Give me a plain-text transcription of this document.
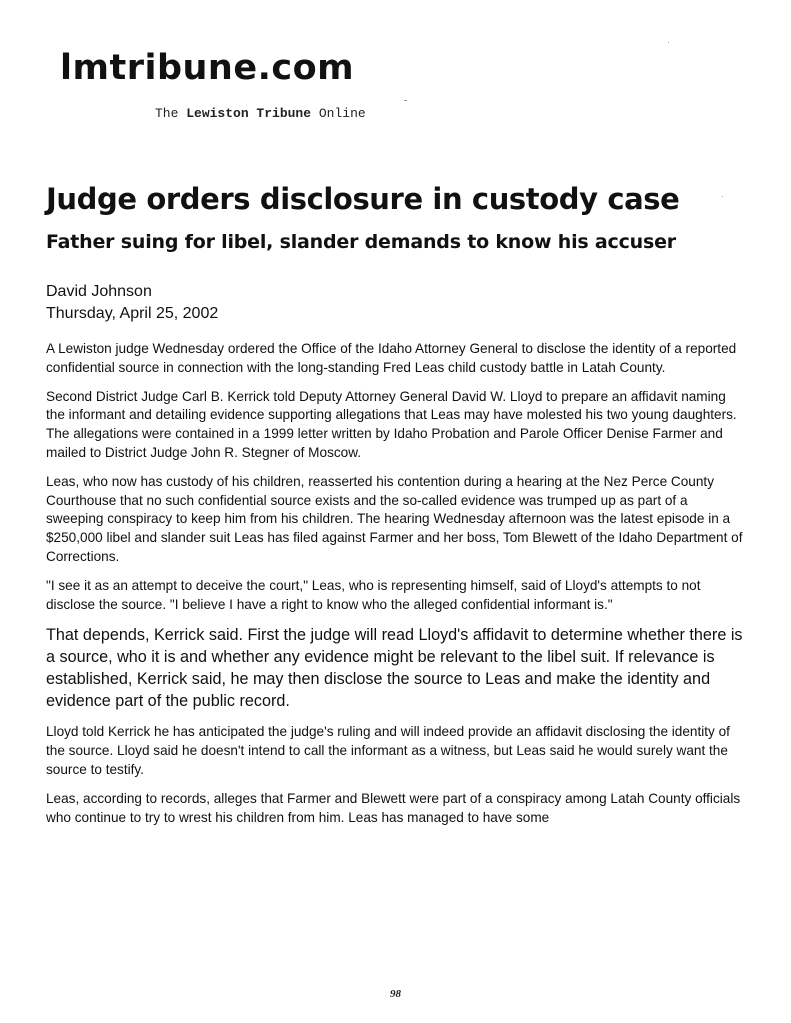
lmtribune.com
The Lewiston Tribune Online
Judge orders disclosure in custody case
Father suing for libel, slander demands to know his accuser
David Johnson
Thursday, April 25, 2002

A Lewiston judge Wednesday ordered the Office of the Idaho Attorney General to disclose the identity of a reported confidential source in connection with the long-standing Fred Leas child custody battle in Latah County.

Second District Judge Carl B. Kerrick told Deputy Attorney General David W. Lloyd to prepare an affidavit naming the informant and detailing evidence supporting allegations that Leas may have molested his two young daughters. The allegations were contained in a 1999 letter written by Idaho Probation and Parole Officer Denise Farmer and mailed to District Judge John R. Stegner of Moscow.

Leas, who now has custody of his children, reasserted his contention during a hearing at the Nez Perce County Courthouse that no such confidential source exists and the so-called evidence was trumped up as part of a sweeping conspiracy to keep him from his children. The hearing Wednesday afternoon was the latest episode in a $250,000 libel and slander suit Leas has filed against Farmer and her boss, Tom Blewett of the Idaho Department of Corrections.

"I see it as an attempt to deceive the court," Leas, who is representing himself, said of Lloyd's attempts to not disclose the source. "I believe I have a right to know who the alleged confidential informant is."

That depends, Kerrick said. First the judge will read Lloyd's affidavit to determine whether there is a source, who it is and whether any evidence might be relevant to the libel suit. If relevance is established, Kerrick said, he may then disclose the source to Leas and make the identity and evidence part of the public record.

Lloyd told Kerrick he has anticipated the judge's ruling and will indeed provide an affidavit disclosing the identity of the source. Lloyd said he doesn't intend to call the informant as a witness, but Leas said he would surely want the source to testify.

Leas, according to records, alleges that Farmer and Blewett were part of a conspiracy among Latah County officials who continue to try to wrest his children from him. Leas has managed to have some

98
